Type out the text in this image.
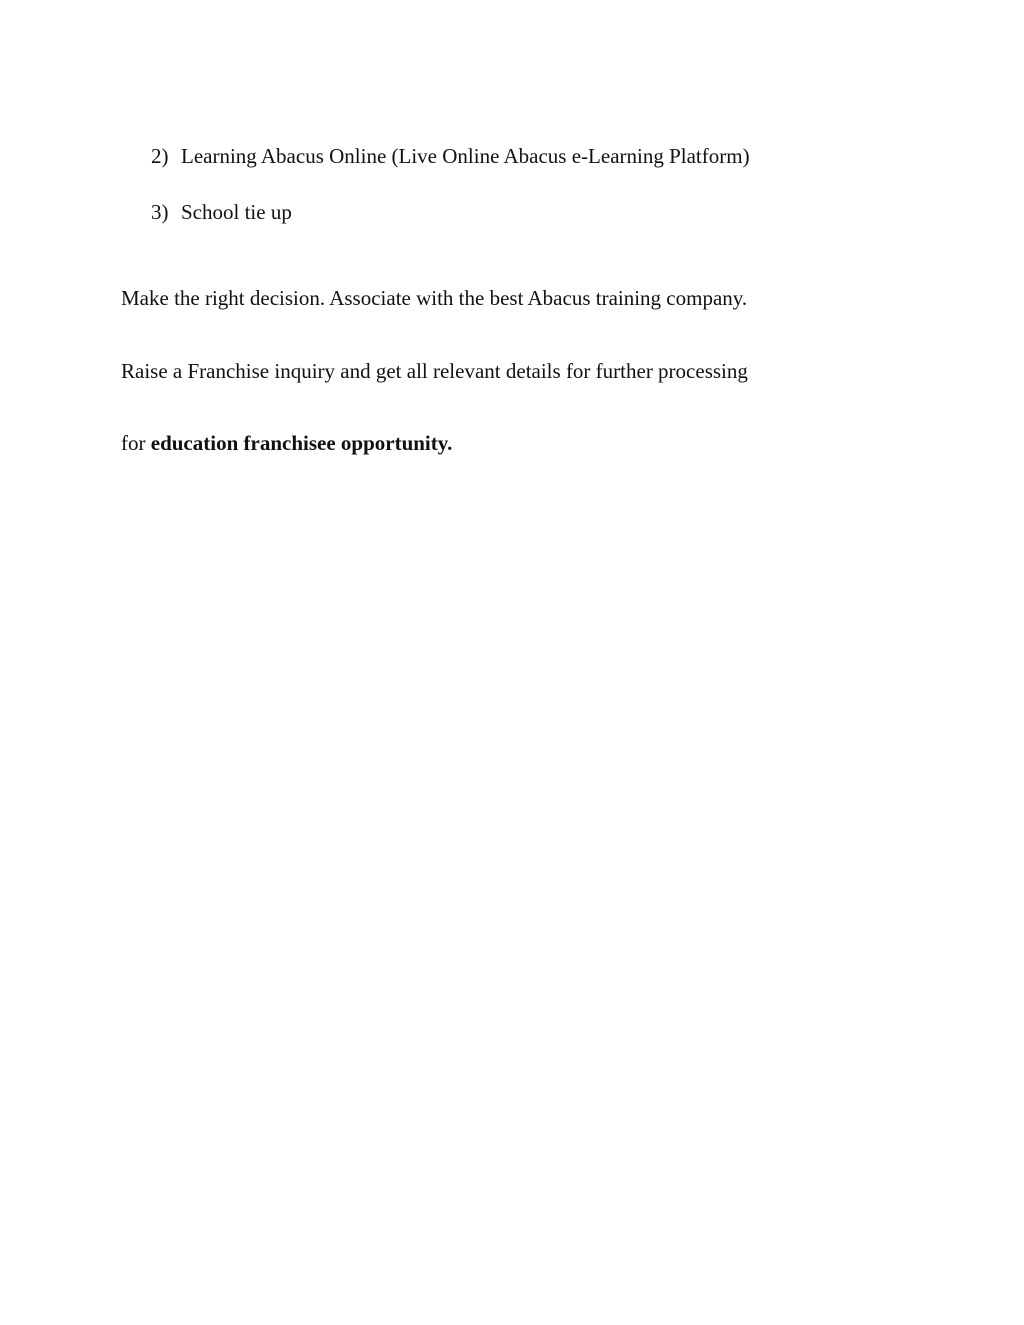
2) Learning Abacus Online (Live Online Abacus e-Learning Platform)
3) School tie up
Make the right decision. Associate with the best Abacus training company.
Raise a Franchise inquiry and get all relevant details for further processing
for education franchisee opportunity.
